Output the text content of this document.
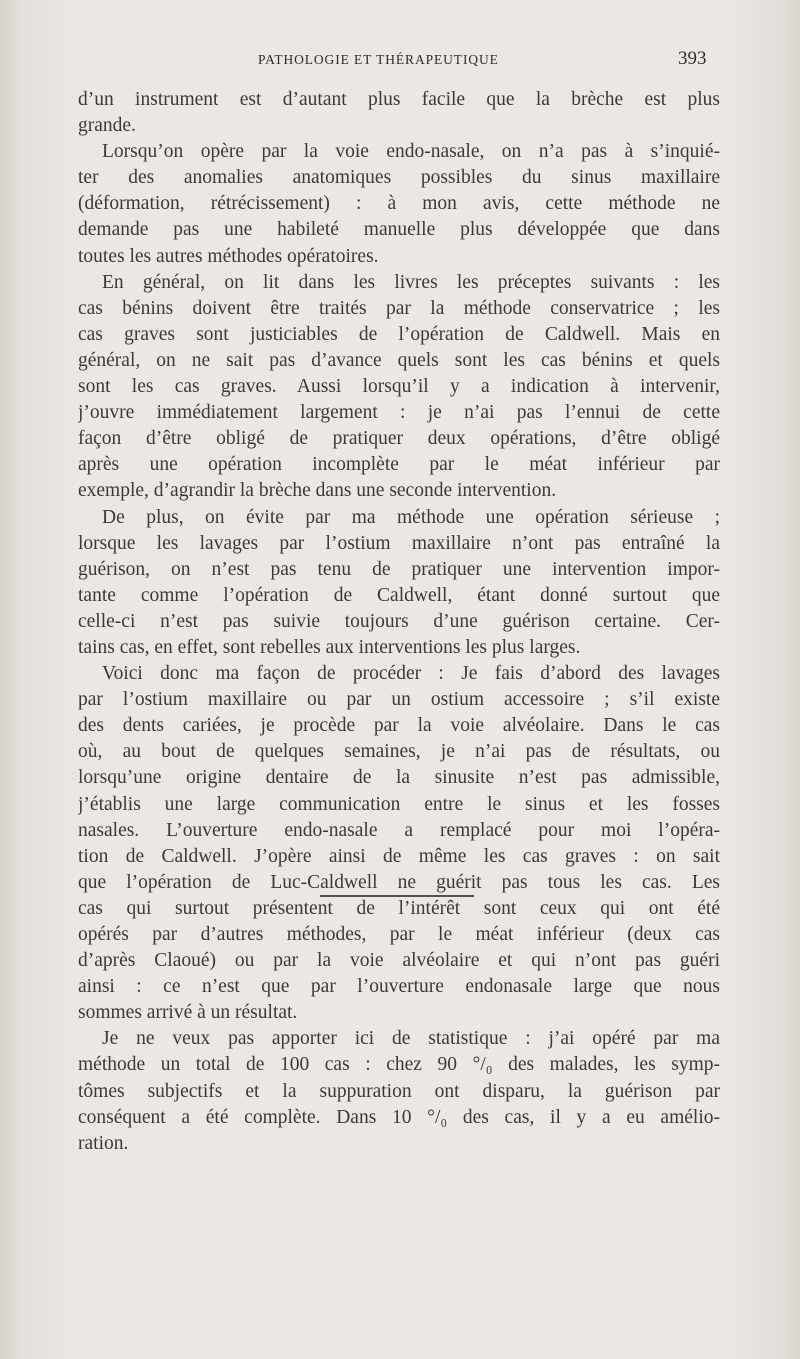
PATHOLOGIE ET THÉRAPEUTIQUE	393
d’un instrument est d’autant plus facile que la brèche est plus
grande.
Lorsqu’on opère par la voie endo-nasale, on n’a pas à s’inquié-
ter des anomalies anatomiques possibles du sinus maxillaire
(déformation, rétrécissement) : à mon avis, cette méthode ne
demande pas une habileté manuelle plus développée que dans
toutes les autres méthodes opératoires.
En général, on lit dans les livres les préceptes suivants : les
cas bénins doivent être traités par la méthode conservatrice ; les
cas graves sont justiciables de l’opération de Caldwell. Mais en
général, on ne sait pas d’avance quels sont les cas bénins et quels
sont les cas graves. Aussi lorsqu’il y a indication à intervenir,
j’ouvre immédiatement largement : je n’ai pas l’ennui de cette
façon d’être obligé de pratiquer deux opérations, d’être obligé
après une opération incomplète par le méat inférieur par
exemple, d’agrandir la brèche dans une seconde intervention.
De plus, on évite par ma méthode une opération sérieuse ;
lorsque les lavages par l’ostium maxillaire n’ont pas entraîné la
guérison, on n’est pas tenu de pratiquer une intervention impor-
tante comme l’opération de Caldwell, étant donné surtout que
celle-ci n’est pas suivie toujours d’une guérison certaine. Cer-
tains cas, en effet, sont rebelles aux interventions les plus larges.
Voici donc ma façon de procéder : Je fais d’abord des lavages
par l’ostium maxillaire ou par un ostium accessoire ; s’il existe
des dents cariées, je procède par la voie alvéolaire. Dans le cas
où, au bout de quelques semaines, je n’ai pas de résultats, ou
lorsqu’une origine dentaire de la sinusite n’est pas admissible,
j’établis une large communication entre le sinus et les fosses
nasales. L’ouverture endo-nasale a remplacé pour moi l’opéra-
tion de Caldwell. J’opère ainsi de même les cas graves : on sait
que l’opération de Luc-Caldwell ne guérit pas tous les cas. Les
cas qui surtout présentent de l’intérêt sont ceux qui ont été
opérés par d’autres méthodes, par le méat inférieur (deux cas
d’après Claoué) ou par la voie alvéolaire et qui n’ont pas guéri
ainsi : ce n’est que par l’ouverture endonasale large que nous
sommes arrivé à un résultat.
Je ne veux pas apporter ici de statistique : j’ai opéré par ma
méthode un total de 100 cas : chez 90 °/₀ des malades, les symp-
tômes subjectifs et la suppuration ont disparu, la guérison par
conséquent a été complète. Dans 10 °/₀ des cas, il y a eu amélio-
ration.
